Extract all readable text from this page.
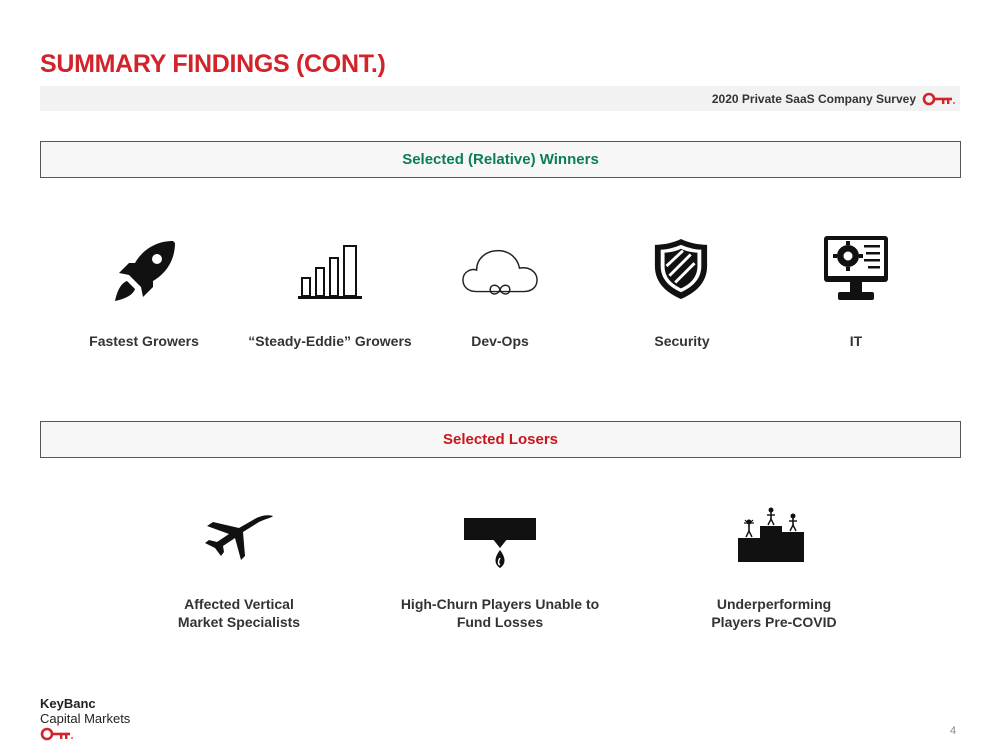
SUMMARY FINDINGS (CONT.)
2020 Private SaaS Company Survey
Selected (Relative) Winners
Fastest Growers	“Steady-Eddie” Growers	Dev-Ops	Security	IT
Selected Losers
Affected Vertical
Market Specialists
High-Churn Players Unable to
Fund Losses
Underperforming
Players Pre-COVID
KeyBanc
Capital Markets
4
